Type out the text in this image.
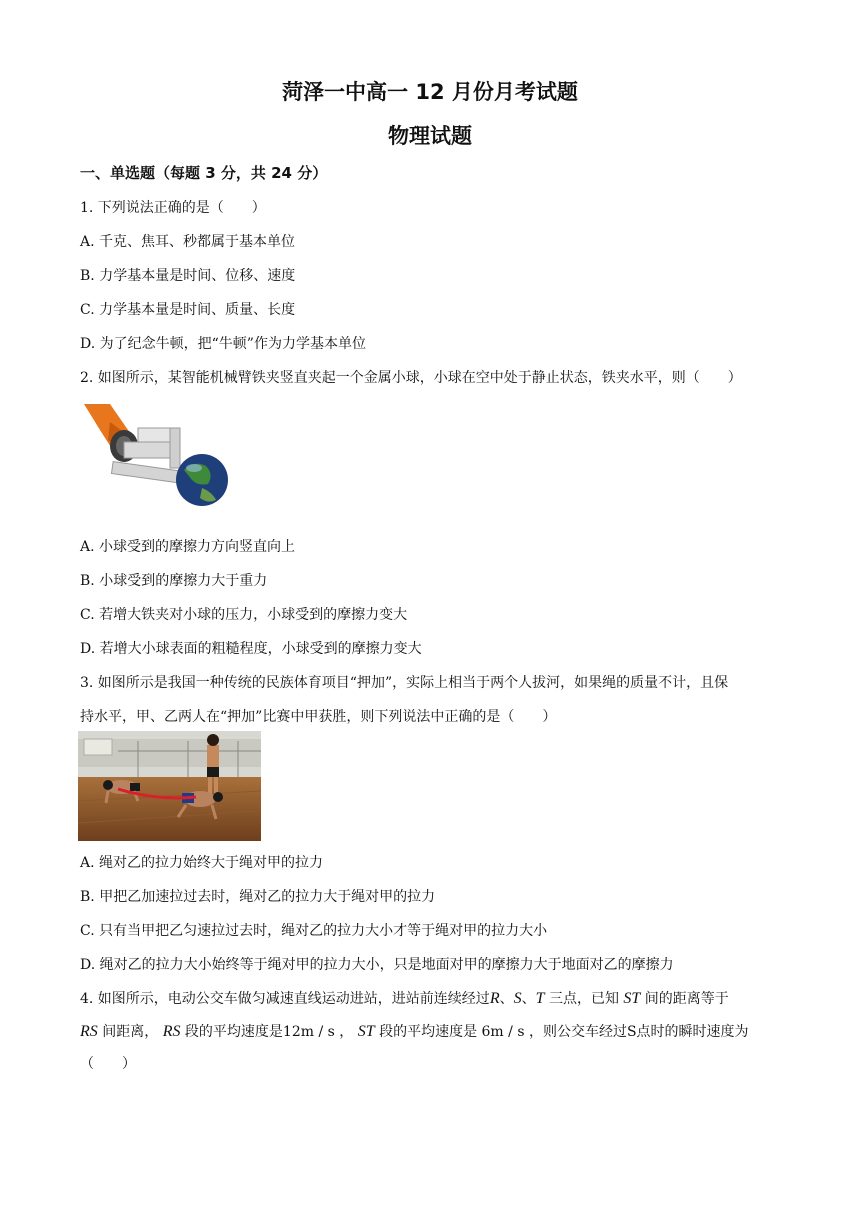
菏泽一中高一 12 月份月考试题
物理试题
一、单选题（每题 3 分，共 24 分）
1. 下列说法正确的是（　　）
A. 千克、焦耳、秒都属于基本单位
B. 力学基本量是时间、位移、速度
C. 力学基本量是时间、质量、长度
D. 为了纪念牛顿，把“牛顿”作为力学基本单位
2. 如图所示，某智能机械臂铁夹竖直夹起一个金属小球，小球在空中处于静止状态，铁夹水平，则（　　）
A. 小球受到的摩擦力方向竖直向上
B. 小球受到的摩擦力大于重力
C. 若增大铁夹对小球的压力，小球受到的摩擦力变大
D. 若增大小球表面的粗糙程度，小球受到的摩擦力变大
3. 如图所示是我国一种传统的民族体育项目“押加”，实际上相当于两个人拔河，如果绳的质量不计，且保
持水平，甲、乙两人在“押加”比赛中甲获胜，则下列说法中正确的是（　　）
A. 绳对乙的拉力始终大于绳对甲的拉力
B. 甲把乙加速拉过去时，绳对乙的拉力大于绳对甲的拉力
C. 只有当甲把乙匀速拉过去时，绳对乙的拉力大小才等于绳对甲的拉力大小
D. 绳对乙的拉力大小始终等于绳对甲的拉力大小，只是地面对甲的摩擦力大于地面对乙的摩擦力
4. 如图所示，电动公交车做匀减速直线运动进站，进站前连续经过R、S、T 三点，已知 ST 间的距离等于
RS 间距离， RS 段的平均速度是12m / s ， ST 段的平均速度是 6m / s ，则公交车经过S点时的瞬时速度为
（　　）
